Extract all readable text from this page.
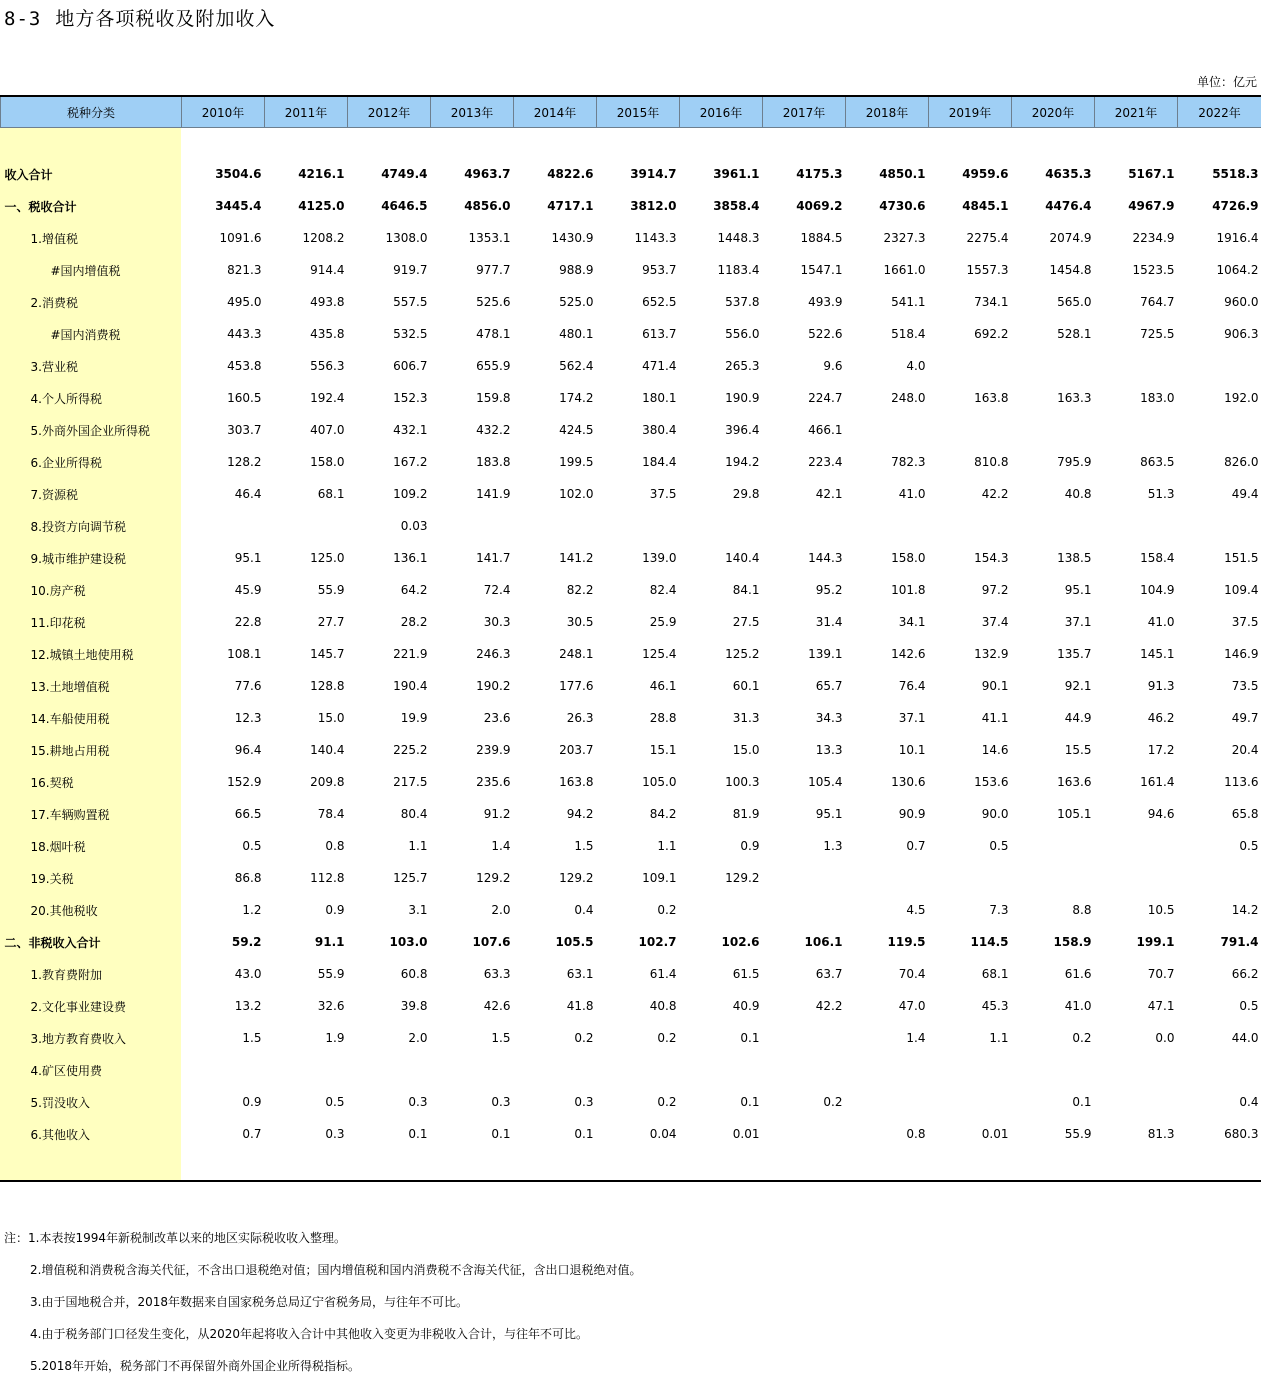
8-3 地方各项税收及附加收入
单位：亿元
税种分类	2010年	2011年	2012年	2013年	2014年	2015年	2016年	2017年	2018年	2019年	2020年	2021年	2022年

收入合计	3504.6	4216.1	4749.4	4963.7	4822.6	3914.7	3961.1	4175.3	4850.1	4959.6	4635.3	5167.1	5518.3
一、税收合计	3445.4	4125.0	4646.5	4856.0	4717.1	3812.0	3858.4	4069.2	4730.6	4845.1	4476.4	4967.9	4726.9
1.增值税	1091.6	1208.2	1308.0	1353.1	1430.9	1143.3	1448.3	1884.5	2327.3	2275.4	2074.9	2234.9	1916.4
#国内增值税	821.3	914.4	919.7	977.7	988.9	953.7	1183.4	1547.1	1661.0	1557.3	1454.8	1523.5	1064.2
2.消费税	495.0	493.8	557.5	525.6	525.0	652.5	537.8	493.9	541.1	734.1	565.0	764.7	960.0
#国内消费税	443.3	435.8	532.5	478.1	480.1	613.7	556.0	522.6	518.4	692.2	528.1	725.5	906.3
3.营业税	453.8	556.3	606.7	655.9	562.4	471.4	265.3	9.6	4.0				
4.个人所得税	160.5	192.4	152.3	159.8	174.2	180.1	190.9	224.7	248.0	163.8	163.3	183.0	192.0
5.外商外国企业所得税	303.7	407.0	432.1	432.2	424.5	380.4	396.4	466.1					
6.企业所得税	128.2	158.0	167.2	183.8	199.5	184.4	194.2	223.4	782.3	810.8	795.9	863.5	826.0
7.资源税	46.4	68.1	109.2	141.9	102.0	37.5	29.8	42.1	41.0	42.2	40.8	51.3	49.4
8.投资方向调节税			0.03										
9.城市维护建设税	95.1	125.0	136.1	141.7	141.2	139.0	140.4	144.3	158.0	154.3	138.5	158.4	151.5
10.房产税	45.9	55.9	64.2	72.4	82.2	82.4	84.1	95.2	101.8	97.2	95.1	104.9	109.4
11.印花税	22.8	27.7	28.2	30.3	30.5	25.9	27.5	31.4	34.1	37.4	37.1	41.0	37.5
12.城镇土地使用税	108.1	145.7	221.9	246.3	248.1	125.4	125.2	139.1	142.6	132.9	135.7	145.1	146.9
13.土地增值税	77.6	128.8	190.4	190.2	177.6	46.1	60.1	65.7	76.4	90.1	92.1	91.3	73.5
14.车船使用税	12.3	15.0	19.9	23.6	26.3	28.8	31.3	34.3	37.1	41.1	44.9	46.2	49.7
15.耕地占用税	96.4	140.4	225.2	239.9	203.7	15.1	15.0	13.3	10.1	14.6	15.5	17.2	20.4
16.契税	152.9	209.8	217.5	235.6	163.8	105.0	100.3	105.4	130.6	153.6	163.6	161.4	113.6
17.车辆购置税	66.5	78.4	80.4	91.2	94.2	84.2	81.9	95.1	90.9	90.0	105.1	94.6	65.8
18.烟叶税	0.5	0.8	1.1	1.4	1.5	1.1	0.9	1.3	0.7	0.5			0.5
19.关税	86.8	112.8	125.7	129.2	129.2	109.1	129.2						
20.其他税收	1.2	0.9	3.1	2.0	0.4	0.2			4.5	7.3	8.8	10.5	14.2
二、非税收入合计	59.2	91.1	103.0	107.6	105.5	102.7	102.6	106.1	119.5	114.5	158.9	199.1	791.4
1.教育费附加	43.0	55.9	60.8	63.3	63.1	61.4	61.5	63.7	70.4	68.1	61.6	70.7	66.2
2.文化事业建设费	13.2	32.6	39.8	42.6	41.8	40.8	40.9	42.2	47.0	45.3	41.0	47.1	0.5
3.地方教育费收入	1.5	1.9	2.0	1.5	0.2	0.2	0.1		1.4	1.1	0.2	0.0	44.0
4.矿区使用费													
5.罚没收入	0.9	0.5	0.3	0.3	0.3	0.2	0.1	0.2			0.1		0.4
6.其他收入	0.7	0.3	0.1	0.1	0.1	0.04	0.01		0.8	0.01	55.9	81.3	680.3
注：1.本表按1994年新税制改革以来的地区实际税收收入整理。
2.增值税和消费税含海关代征，不含出口退税绝对值；国内增值税和国内消费税不含海关代征，含出口退税绝对值。
3.由于国地税合并，2018年数据来自国家税务总局辽宁省税务局，与往年不可比。
4.由于税务部门口径发生变化，从2020年起将收入合计中其他收入变更为非税收入合计，与往年不可比。
5.2018年开始，税务部门不再保留外商外国企业所得税指标。
